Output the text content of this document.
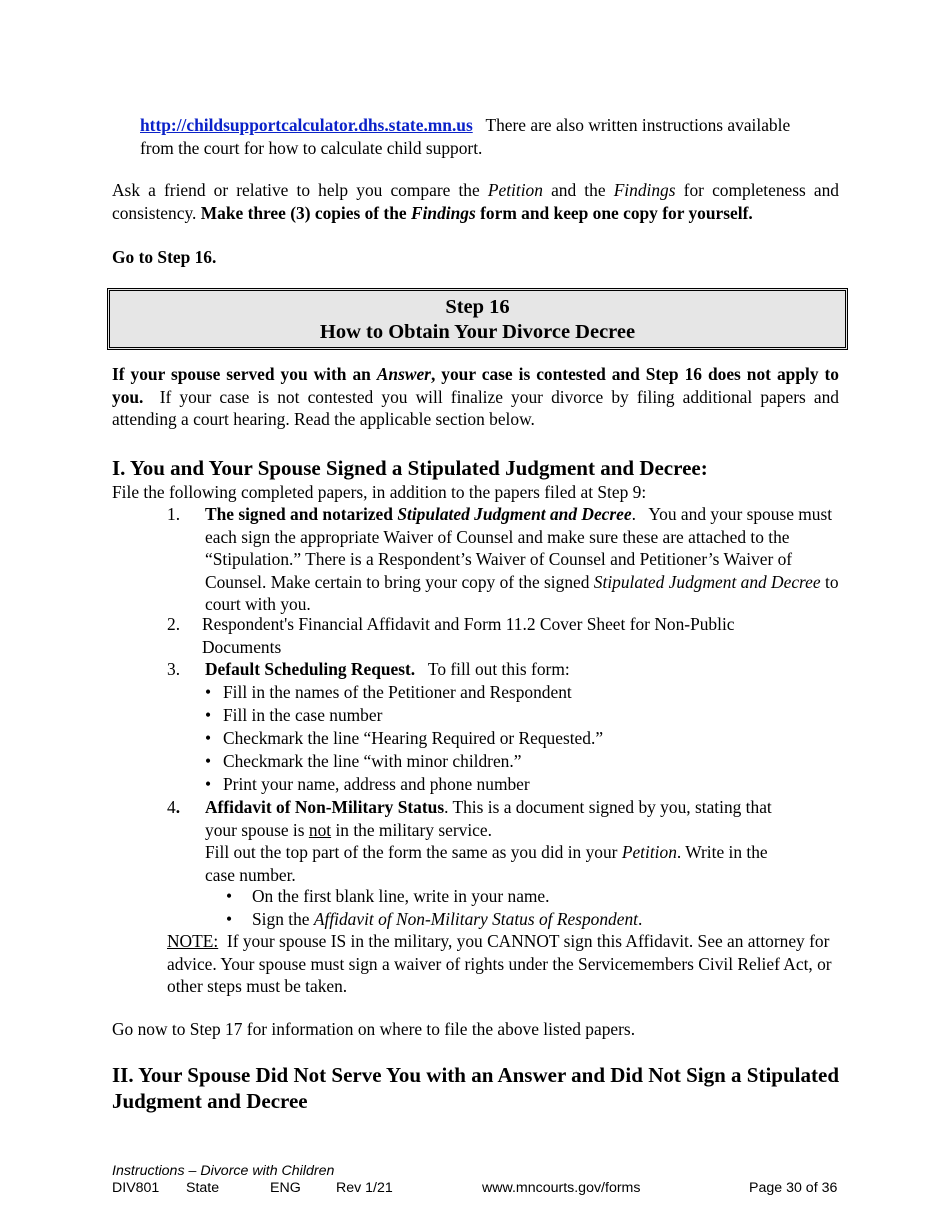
http://childsupportcalculator.dhs.state.mn.us There are also written instructions available
from the court for how to calculate child support.
Ask a friend or relative to help you compare the Petition and the Findings for completeness and consistency. Make three (3) copies of the Findings form and keep one copy for yourself.
Go to Step 16.
Step 16
How to Obtain Your Divorce Decree
If your spouse served you with an Answer, your case is contested and Step 16 does not apply to you. If your case is not contested you will finalize your divorce by filing additional papers and attending a court hearing. Read the applicable section below.
I. You and Your Spouse Signed a Stipulated Judgment and Decree:
File the following completed papers, in addition to the papers filed at Step 9:
1. The signed and notarized Stipulated Judgment and Decree.   You and your spouse must each sign the appropriate Waiver of Counsel and make sure these are attached to the “Stipulation.” There is a Respondent’s Waiver of Counsel and Petitioner’s Waiver of Counsel. Make certain to bring your copy of the signed Stipulated Judgment and Decree to court with you.
2. Respondent's Financial Affidavit and Form 11.2 Cover Sheet for Non-Public
Documents
3. Default Scheduling Request. To fill out this form:
• Fill in the names of the Petitioner and Respondent
• Fill in the case number
• Checkmark the line “Hearing Required or Requested.”
• Checkmark the line “with minor children.”
• Print your name, address and phone number
4. Affidavit of Non-Military Status. This is a document signed by you, stating that
your spouse is not in the military service.
Fill out the top part of the form the same as you did in your Petition. Write in the
case number.
• On the first blank line, write in your name.
• Sign the Affidavit of Non-Military Status of Respondent.
NOTE: If your spouse IS in the military, you CANNOT sign this Affidavit. See an attorney for advice. Your spouse must sign a waiver of rights under the Servicemembers Civil Relief Act, or other steps must be taken.
Go now to Step 17 for information on where to file the above listed papers.
II. Your Spouse Did Not Serve You with an Answer and Did Not Sign a Stipulated Judgment and Decree
Instructions – Divorce with Children
DIV801 State	ENG Rev 1/21	www.mncourts.gov/forms	Page 30 of 36
